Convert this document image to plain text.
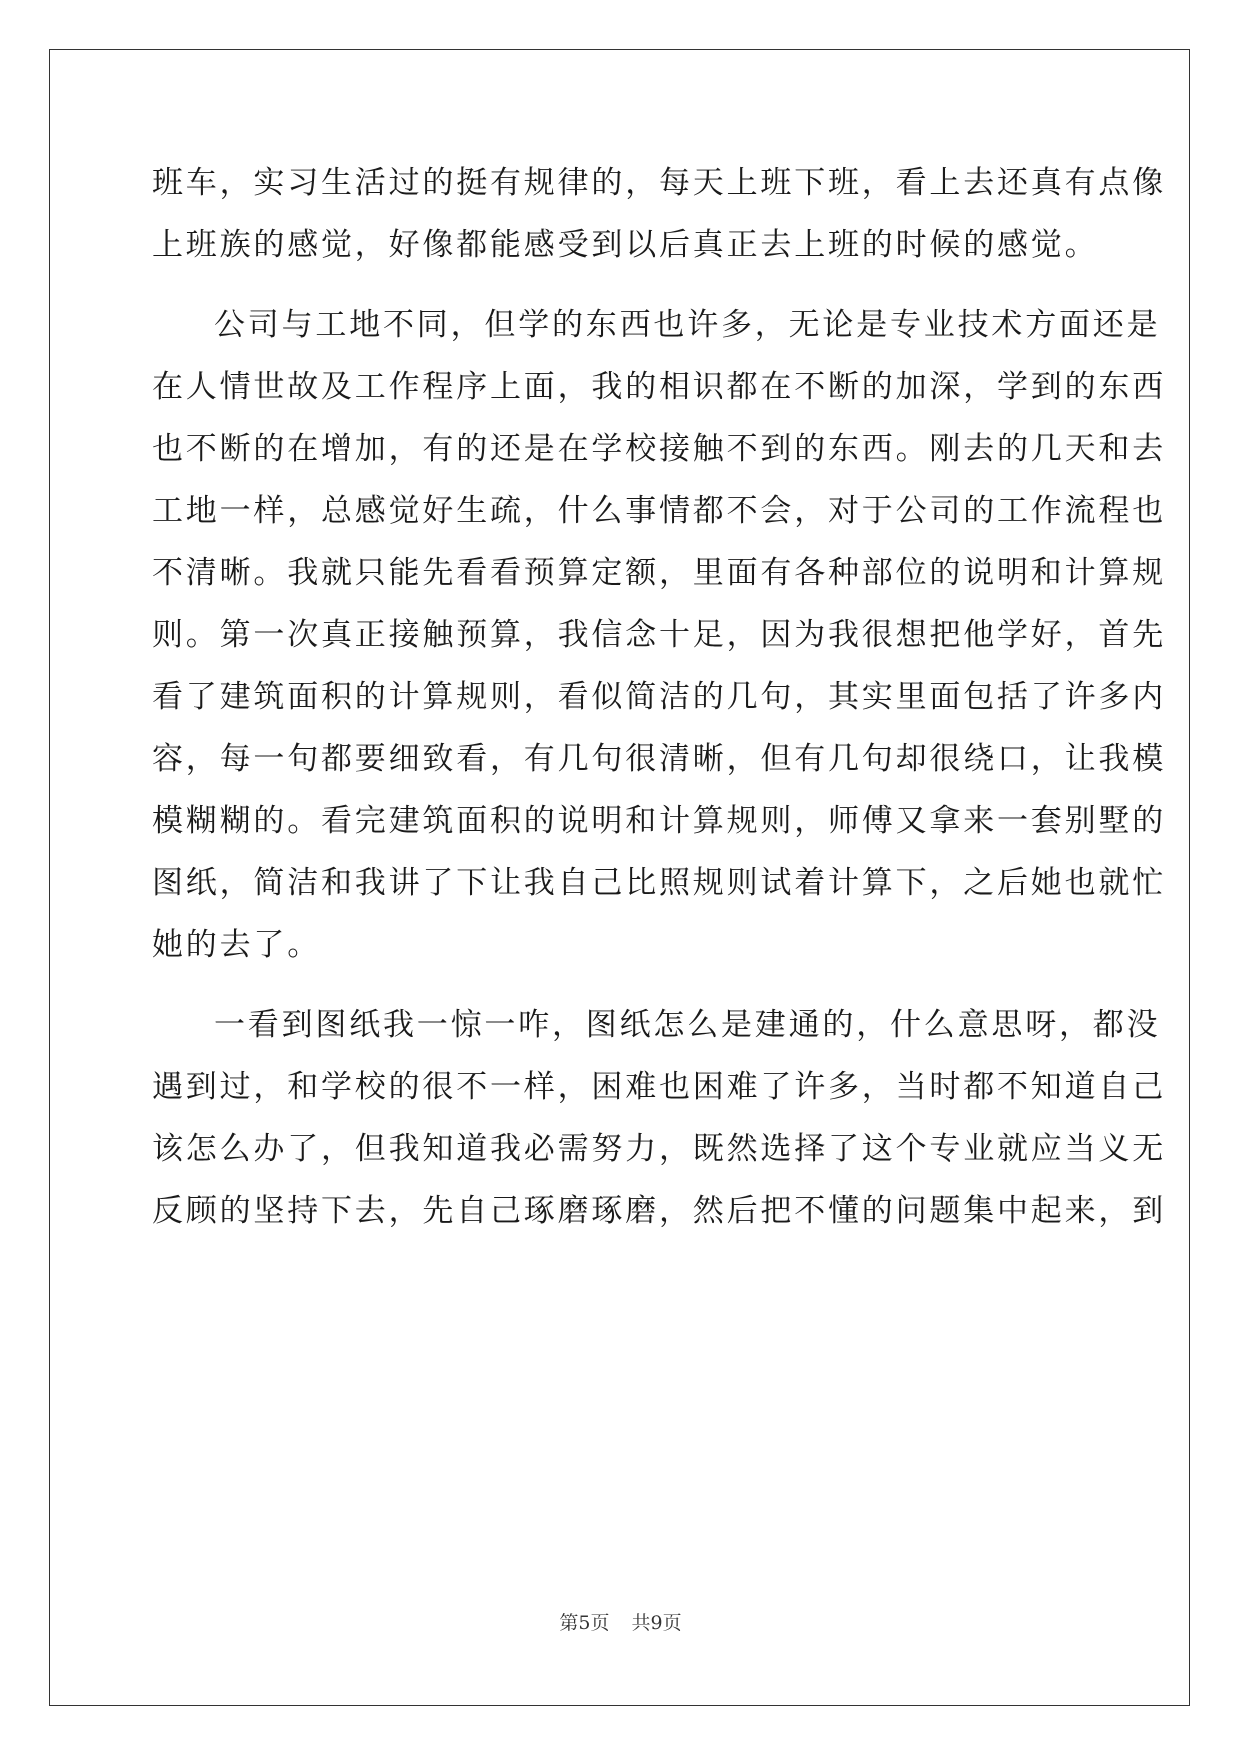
班车，实习生活过的挺有规律的，每天上班下班，看上去还真有点像
上班族的感觉，好像都能感受到以后真正去上班的时候的感觉。

公司与工地不同，但学的东西也许多，无论是专业技术方面还是
在人情世故及工作程序上面，我的相识都在不断的加深，学到的东西
也不断的在增加，有的还是在学校接触不到的东西。刚去的几天和去
工地一样，总感觉好生疏，什么事情都不会，对于公司的工作流程也
不清晰。我就只能先看看预算定额，里面有各种部位的说明和计算规
则。第一次真正接触预算，我信念十足，因为我很想把他学好，首先
看了建筑面积的计算规则，看似简洁的几句，其实里面包括了许多内
容，每一句都要细致看，有几句很清晰，但有几句却很绕口，让我模
模糊糊的。看完建筑面积的说明和计算规则，师傅又拿来一套别墅的
图纸，简洁和我讲了下让我自己比照规则试着计算下，之后她也就忙
她的去了。

一看到图纸我一惊一咋，图纸怎么是建通的，什么意思呀，都没
遇到过，和学校的很不一样，困难也困难了许多，当时都不知道自己
该怎么办了，但我知道我必需努力，既然选择了这个专业就应当义无
反顾的坚持下去，先自己琢磨琢磨，然后把不懂的问题集中起来，到

第5页 共9页
